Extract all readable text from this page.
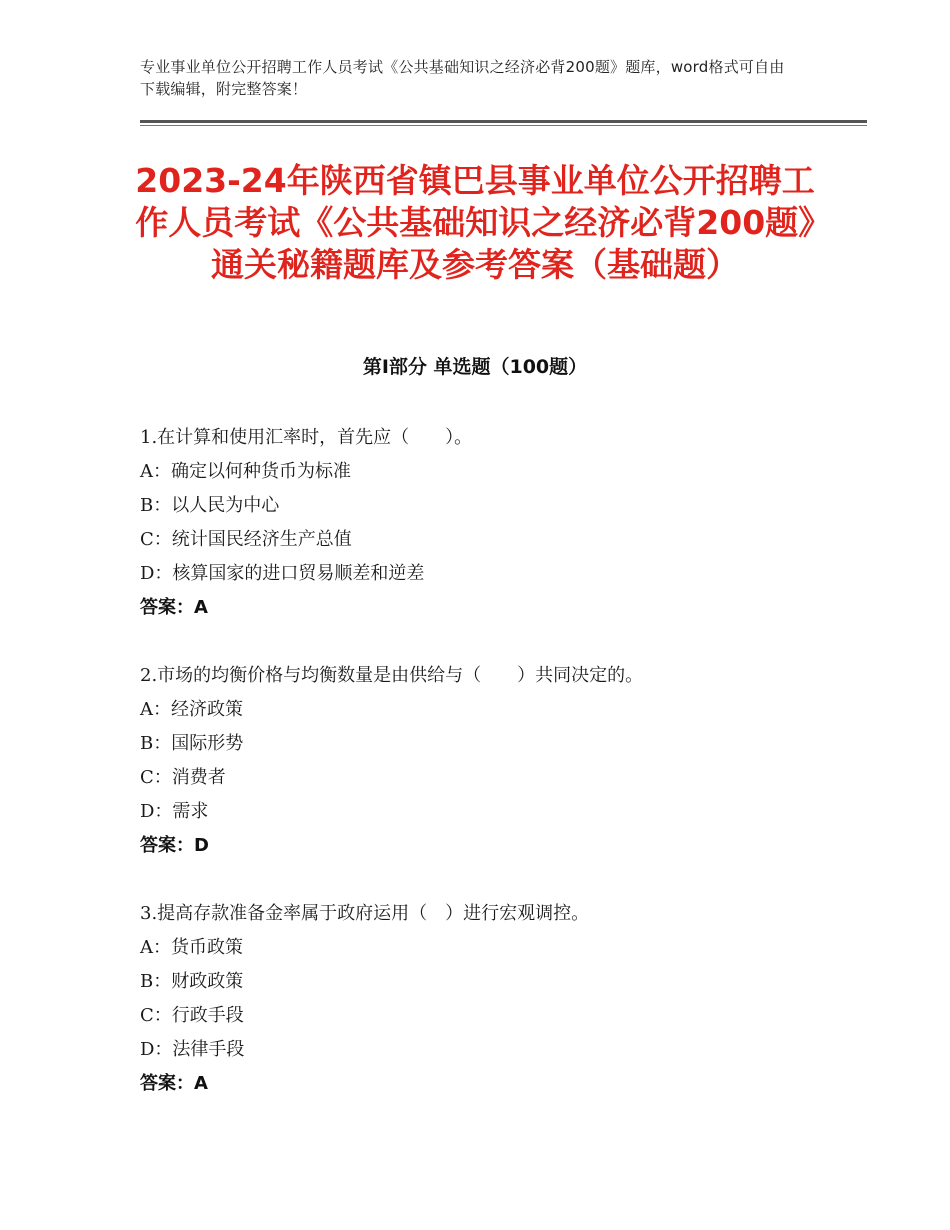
专业事业单位公开招聘工作人员考试《公共基础知识之经济必背200题》题库，word格式可自由下载编辑，附完整答案！
2023-24年陕西省镇巴县事业单位公开招聘工作人员考试《公共基础知识之经济必背200题》通关秘籍题库及参考答案（基础题）
第Ⅰ部分 单选题（100题）
1.在计算和使用汇率时，首先应（　　）。
A：确定以何种货币为标准
B：以人民为中心
C：统计国民经济生产总值
D：核算国家的进口贸易顺差和逆差
答案：A
2.市场的均衡价格与均衡数量是由供给与（　　）共同决定的。
A：经济政策
B：国际形势
C：消费者
D：需求
答案：D
3.提高存款准备金率属于政府运用（　）进行宏观调控。
A：货币政策
B：财政政策
C：行政手段
D：法律手段
答案：A
